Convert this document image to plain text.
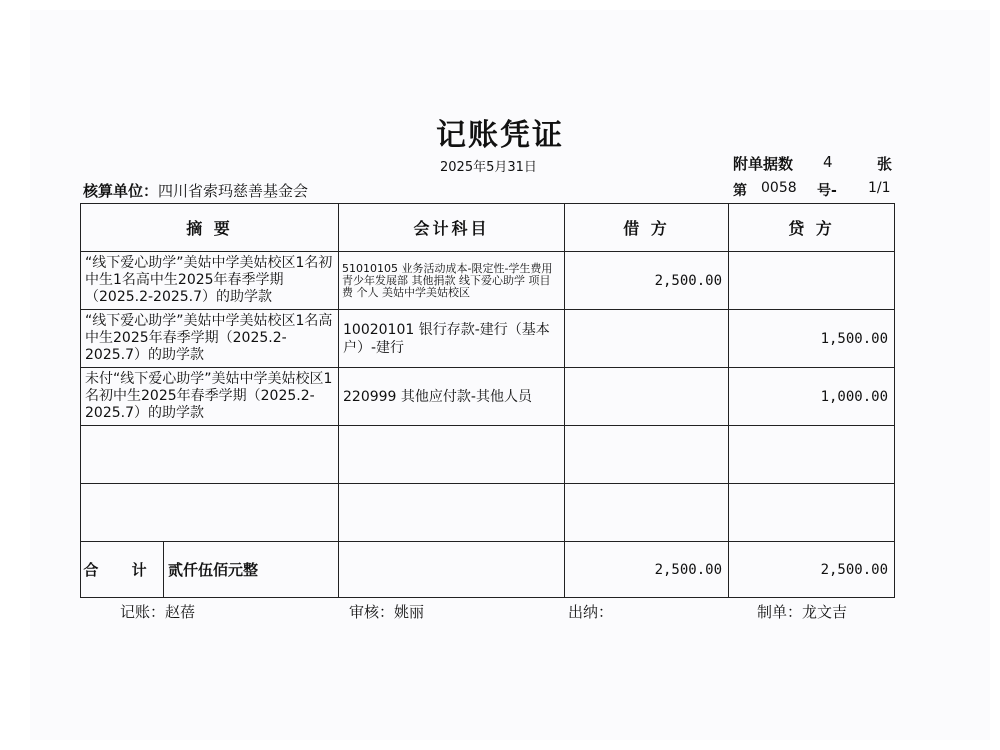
记账凭证
2025年5月31日	附单据数 4	张
核算单位：四川省索玛慈善基金会	第 0058 号- 1/1
摘 要	会计科目	借 方	贷 方
“线下爱心助学”美姑中学美姑校区1名初中生1名高中生2025年春季学期（2025.2-2025.7）的助学款	51010105 业务活动成本-限定性-学生费用 青少年发展部 其他捐款 线下爱心助学 项目费 个人 美姑中学美姑校区	2,500.00	
“线下爱心助学”美姑中学美姑校区1名高中生2025年春季学期（2025.2-2025.7）的助学款	10020101 银行存款-建行（基本户）-建行		1,500.00
未付“线下爱心助学”美姑中学美姑校区1名初中生2025年春季学期（2025.2-2025.7）的助学款	220999 其他应付款-其他人员		1,000.00

合 计 贰仟伍佰元整		2,500.00	2,500.00
记账：赵蓓	审核：姚丽	出纳：	制单：龙文吉
